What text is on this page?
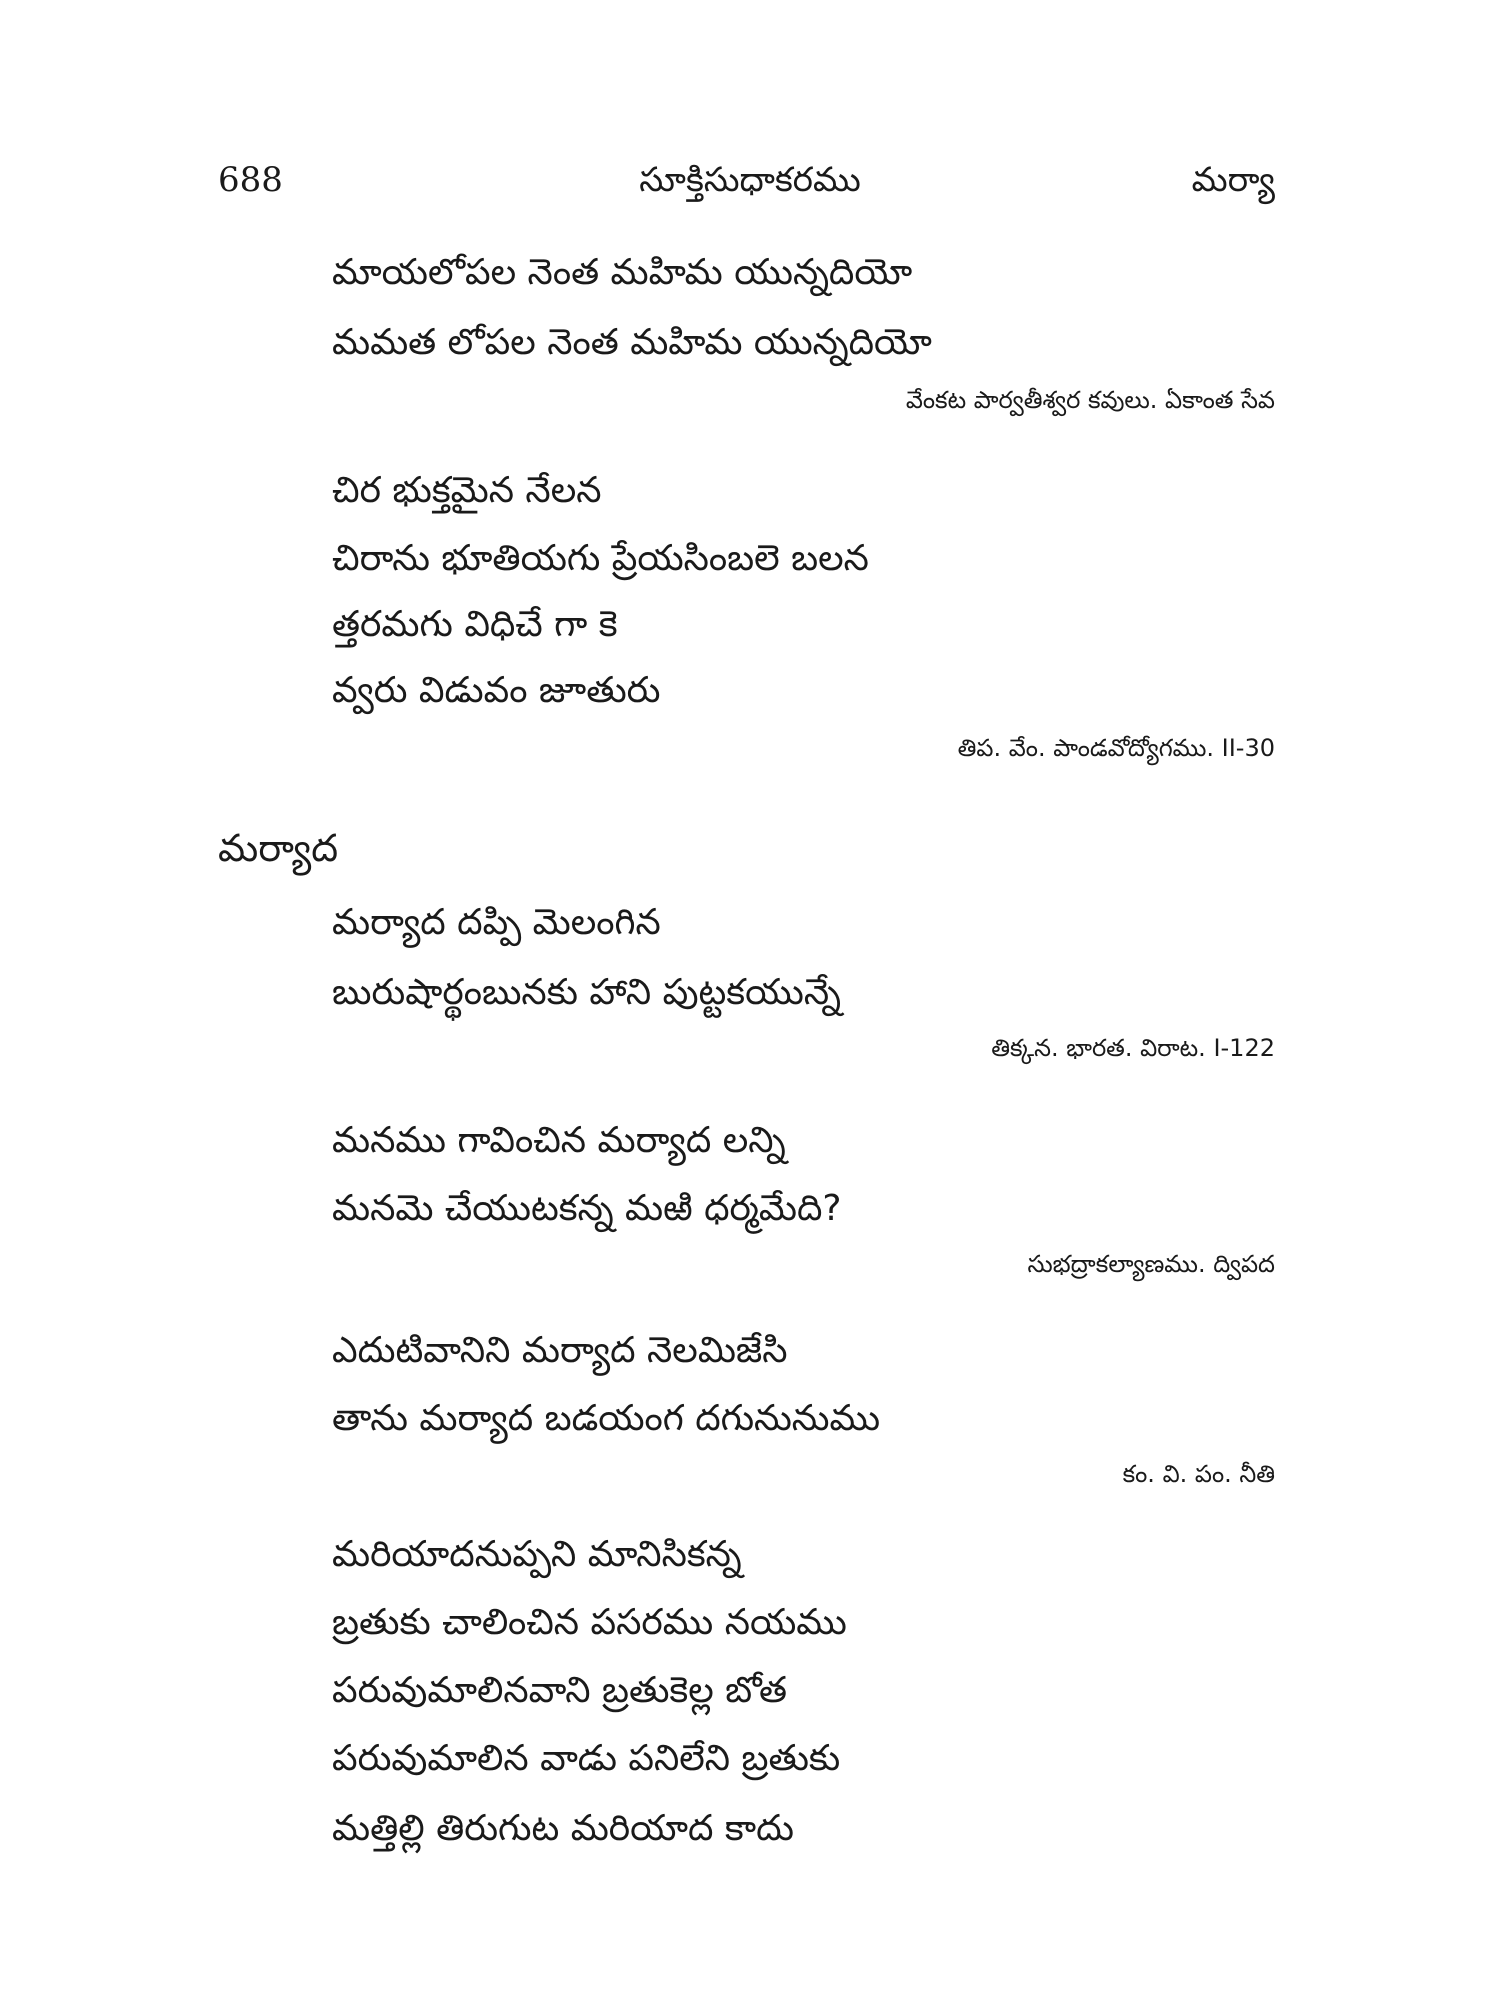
688	సూక్తిసుధాకరము	మర్యా
మాయలోపల నెంత మహిమ యున్నదియో
మమత లోపల నెంత మహిమ యున్నదియో
వేంకట పార్వతీశ్వర కవులు. ఏకాంత సేవ
చిర భుక్తమైన నేలన
చిరాను భూతియగు ప్రేయసింబలె బలన
త్తరమగు విధిచే గా కె
వ్వరు విడువం జూతురు
తిప. వేం. పాండవోద్యోగము. II-30
మర్యాద
మర్యాద దప్పి మెలంగిన
బురుషార్థంబునకు హాని పుట్టకయున్నే
తిక్కన. భారత. విరాట. I-122
మనము గావించిన మర్యాద లన్ని
మనమె చేయుటకన్న మఱి ధర్మమేది?
సుభద్రాకల్యాణము. ద్విపద
ఎదుటివానిని మర్యాద నెలమిజేసి
తాను మర్యాద బడయంగ దగునునుము
కం. వి. పం. నీతి
మరియాదనుప్పని మానిసికన్న
బ్రతుకు చాలించిన పసరము నయము
పరువుమాలినవాని బ్రతుకెల్ల బోత
పరువుమాలిన వాడు పనిలేని బ్రతుకు
మత్తిల్లి తిరుగుట మరియాద కాదు
